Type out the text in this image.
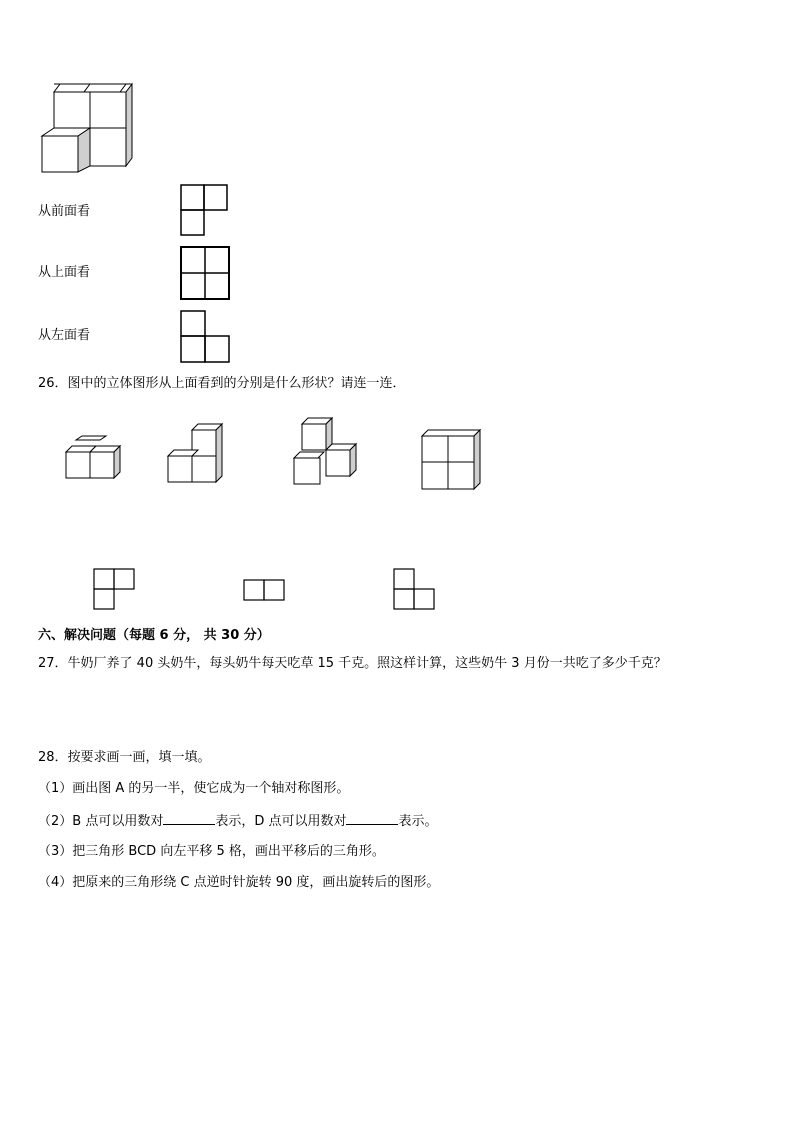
从前面看
从上面看
从左面看
26．图中的立体图形从上面看到的分别是什么形状？请连一连．
六、解决问题（每题 6 分， 共 30 分）
27．牛奶厂养了 40 头奶牛，每头奶牛每天吃草 15 千克。照这样计算，这些奶牛 3 月份一共吃了多少千克？
28．按要求画一画，填一填。
（1）画出图 A 的另一半，使它成为一个轴对称图形。
（2）B 点可以用数对	表示，D 点可以用数对	表示。
（3）把三角形 BCD 向左平移 5 格，画出平移后的三角形。
（4）把原来的三角形绕 C 点逆时针旋转 90 度，画出旋转后的图形。
